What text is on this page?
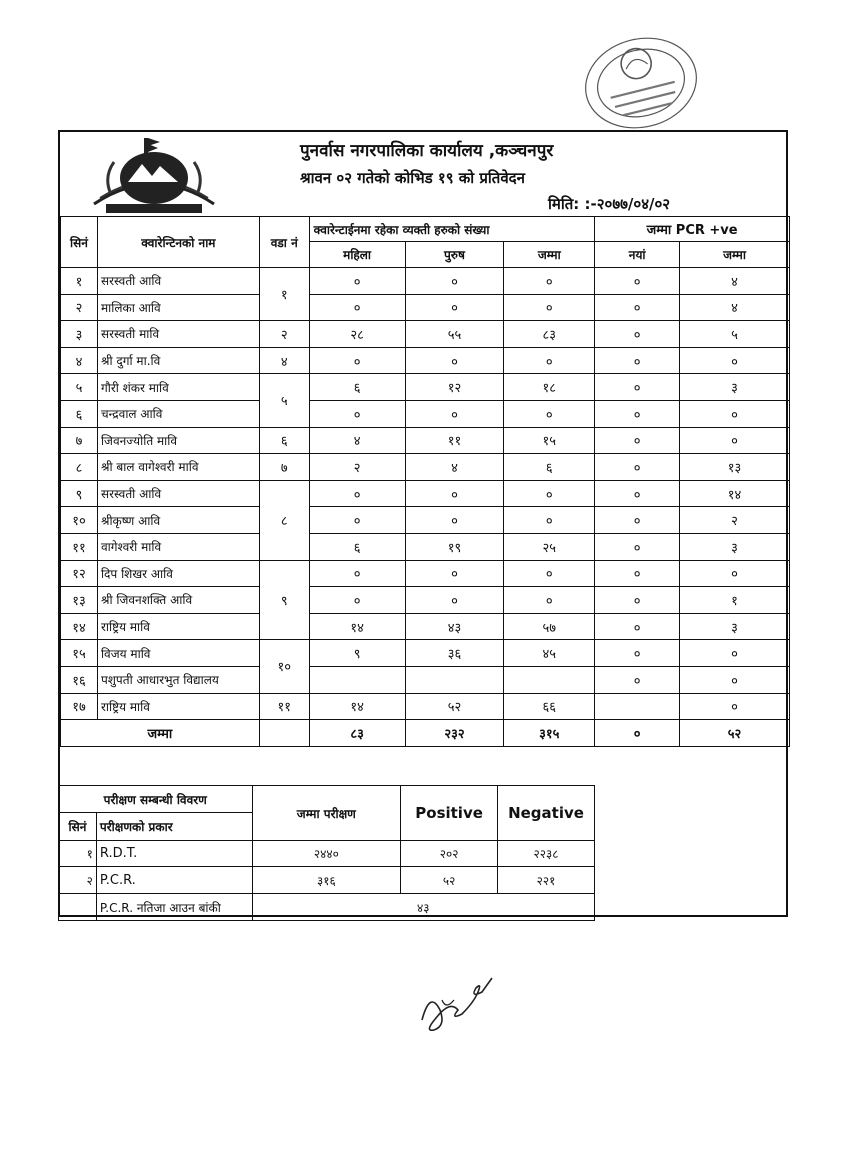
पुनर्वास नगरपालिका कार्यालय ,कञ्चनपुर
श्रावन ०२ गतेको कोभिड १९ को प्रतिवेदन
मिति: :-२०७७/०४/०२
सिनं	क्वारेन्टिनकाे नाम	वडा नं	क्वारेन्टाईनमा रहेका व्यक्ती हरुको संख्या			जम्मा PCR +ve	
			महिला	पुरुष	जम्मा	नयां	जम्मा
१	सरस्वती आवि	१	०	०	०	०	४
२	मालिका आवि		०	०	०	०	४
३	सरस्वती मावि	२	२८	५५	८३	०	५
४	श्री दुर्गा मा.वि	४	०	०	०	०	०
५	गौरी शंकर मावि	५	६	१२	१८	०	३
६	चन्द्रवाल आवि		०	०	०	०	०
७	जिवनज्योति मावि	६	४	११	१५	०	०
८	श्री बाल वागेश्वरी मावि	७	२	४	६	०	१३
९	सरस्वती आवि	८	०	०	०	०	१४
१०	श्रीकृष्ण आवि		०	०	०	०	२
११	वागेश्वरी मावि		६	१९	२५	०	३
१२	दिप शिखर आवि	९	०	०	०	०	०
१३	श्री जिवनशक्ति आवि		०	०	०	०	१
१४	राष्ट्रिय मावि		१४	४३	५७	०	३
१५	विजय मावि	१०	९	३६	४५	०	०
१६	पशुपती आधारभुत विद्यालय					०	०
१७	राष्ट्रिय मावि	११	१४	५२	६६		०
जम्मा			८३	२३२	३१५	०	५२
परीक्षण सम्बन्धी विवरण		जम्मा परीक्षण	Positive	Negative
सिनं	परीक्षणको प्रकार			
१	R.D.T.	२४४०	२०२	२२३८
२	P.C.R.	३१६	५२	२२१
	P.C.R. नतिजा आउन बांकी	४३		
